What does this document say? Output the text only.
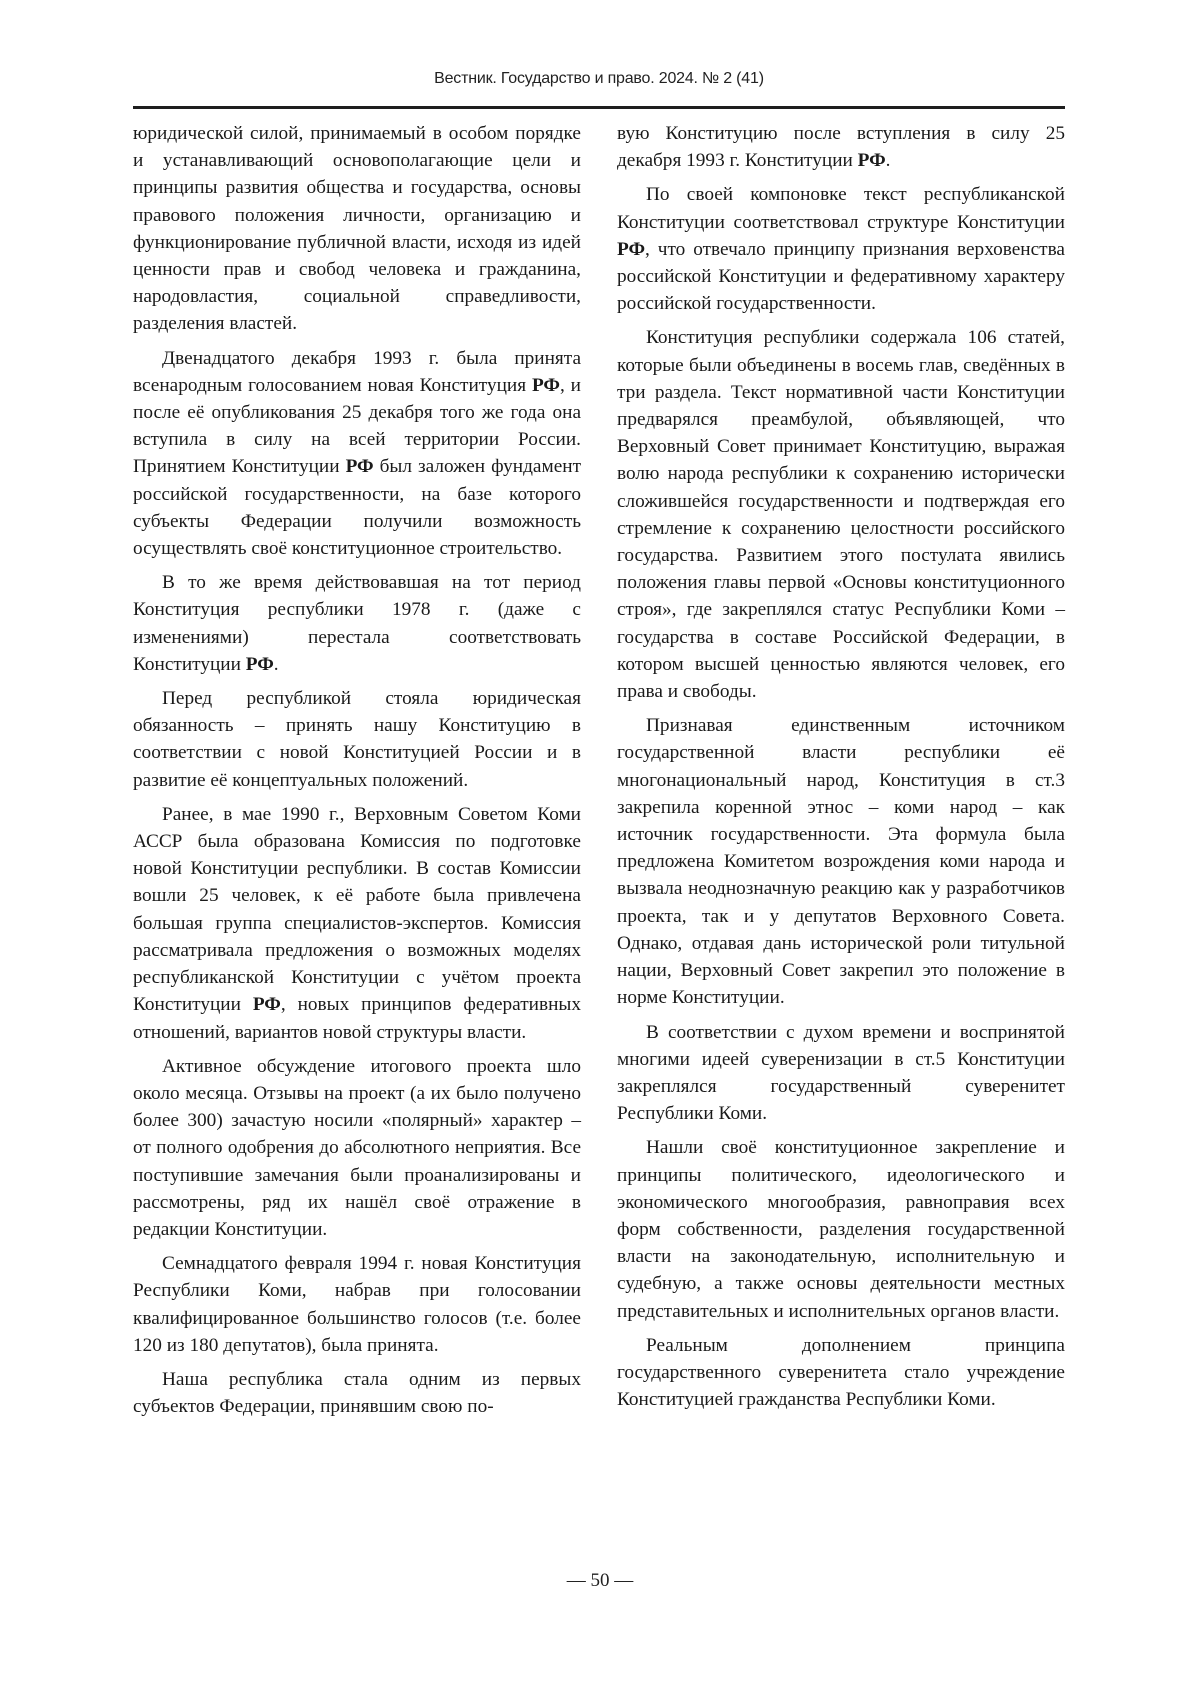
Вестник. Государство и право. 2024. № 2 (41)

юридической силой, принимаемый в особом порядке и устанавливающий основополагающие цели и принципы развития общества и государства, основы правового положения личности, организацию и функционирование публичной власти, исходя из идей ценности прав и свобод человека и гражданина, народовластия, социальной справедливости, разделения властей.

Двенадцатого декабря 1993 г. была принята всенародным голосованием новая Конституция РФ, и после её опубликования 25 декабря того же года она вступила в силу на всей территории России. Принятием Конституции РФ был заложен фундамент российской государственности, на базе которого субъекты Федерации получили возможность осуществлять своё конституционное строительство.

В то же время действовавшая на тот период Конституция республики 1978 г. (даже с изменениями) перестала соответствовать Конституции РФ.

Перед республикой стояла юридическая обязанность – принять нашу Конституцию в соответствии с новой Конституцией России и в развитие её концептуальных положений.

Ранее, в мае 1990 г., Верховным Советом Коми АССР была образована Комиссия по подготовке новой Конституции республики. В состав Комиссии вошли 25 человек, к её работе была привлечена большая группа специалистов-экспертов. Комиссия рассматривала предложения о возможных моделях республиканской Конституции с учётом проекта Конституции РФ, новых принципов федеративных отношений, вариантов новой структуры власти.

Активное обсуждение итогового проекта шло около месяца. Отзывы на проект (а их было получено более 300) зачастую носили «полярный» характер – от полного одобрения до абсолютного неприятия. Все поступившие замечания были проанализированы и рассмотрены, ряд их нашёл своё отражение в редакции Конституции.

Семнадцатого февраля 1994 г. новая Конституция Республики Коми, набрав при голосовании квалифицированное большинство голосов (т.е. более 120 из 180 депутатов), была принята.

Наша республика стала одним из первых субъектов Федерации, принявшим свою по-

вую Конституцию после вступления в силу 25 декабря 1993 г. Конституции РФ.

По своей компоновке текст республиканской Конституции соответствовал структуре Конституции РФ, что отвечало принципу признания верховенства российской Конституции и федеративному характеру российской государственности.

Конституция республики содержала 106 статей, которые были объединены в восемь глав, сведённых в три раздела. Текст нормативной части Конституции предварялся преамбулой, объявляющей, что Верховный Совет принимает Конституцию, выражая волю народа республики к сохранению исторически сложившейся государственности и подтверждая его стремление к сохранению целостности российского государства. Развитием этого постулата явились положения главы первой «Основы конституционного строя», где закреплялся статус Республики Коми – государства в составе Российской Федерации, в котором высшей ценностью являются человек, его права и свободы.

Признавая единственным источником государственной власти республики её многонациональный народ, Конституция в ст.3 закрепила коренной этнос – коми народ – как источник государственности. Эта формула была предложена Комитетом возрождения коми народа и вызвала неоднозначную реакцию как у разработчиков проекта, так и у депутатов Верховного Совета. Однако, отдавая дань исторической роли титульной нации, Верховный Совет закрепил это положение в норме Конституции.

В соответствии с духом времени и воспринятой многими идеей суверенизации в ст.5 Конституции закреплялся государственный суверенитет Республики Коми.

Нашли своё конституционное закрепление и принципы политического, идеологического и экономического многообразия, равноправия всех форм собственности, разделения государственной власти на законодательную, исполнительную и судебную, а также основы деятельности местных представительных и исполнительных органов власти.

Реальным дополнением принципа государственного суверенитета стало учреждение Конституцией гражданства Республики Коми.

— 50 —
